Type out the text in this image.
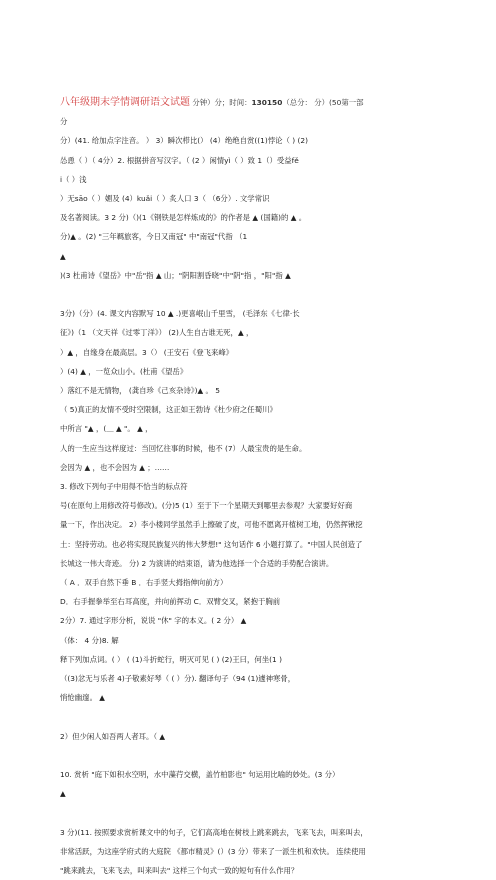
八年级期末学情调研语文试题 分钟）分；时间：130150（总分： 分）(50第一部
分
分）(41. 给加点字注音。 ） 3）瞬次栉比(） (4）绝绝自赏((1)悖论（ ) (2)
怂恿（ ）（ 4分）2. 根据拼音写汉字。（ (2 ）闲情yì（ ）致 1（）受益fě
i（ ）浅
）无sāo（ ）媚及 (4）kuǎi（ ）炙人口 3（ （6分）. 文学常识
及名著阅读。3 2 分)（)(1《钢铁是怎样炼成的》的作者是 ▲ (国籍)的 ▲ 。
分)▲ 。(2) "三年羁旅客，今日又南冠" 中"南冠"代指 （1
▲
)(3 杜甫诗《望岳》中"岳"指 ▲ 山；"阴阳割昏晓"中"阴"指 ，"阳"指 ▲

3分)（分）(4. 课文内容默写 10 ▲ .)更喜岷山千里雪， (毛泽东《七律·长
征》)（1 （文天祥《过零丁洋》） (2)人生自古谁无死，▲ ，
）▲ ，自缘身在最高层。3（） (王安石《登飞来峰》
）(4) ▲ ，一览众山小。(杜甫《望岳》
）落红不是无情物， (龚自珍《己亥杂诗》)▲ 。 5
（ 5)真正的友情不受时空限制，这正如王勃诗《杜少府之任蜀川》
中所言 "▲ ，(＿ ▲ "。 ▲ ，
人的一生应当这样度过：当回忆往事的时候，他不 (7）人最宝贵的是生命。
会因为 ▲ ，也不会因为 ▲ ；……
3. 修改下列句子中用得不恰当的标点符
号(在原句上用修改符号修改)。(分)5 (1）至于下一个星期天到哪里去参观？大家要好好商
量一下，作出决定。 2）李小楼同学虽然手上擦破了皮，可他不愿离开植树工地，仍然挥锹挖
土：坚持劳动。也必将实现民族复兴的伟大梦想!" 这句话作 6 小题打算了。"中国人民创造了
长城这一伟大奇迹。 分) 2 为演讲的结束语，请为他选择一个合适的手势配合演讲。
（ A ．双手自然下垂 B ．右手竖大拇指伸向前方）
D．右手握拳举至右耳高度，并向前挥动 C．双臂交叉，紧抱于胸前
2分）7. 通过字形分析，说说 "休" 字的本义。( 2 分） ▲
（体： 4 分)8. 解
释下列加点词。( ） ( (1)斗折蛇行，明灭可见 ( ) (2)王曰，何坐(1 )
（(3)忿无与乐者 4)子敬素好琴（ ( ）分). 翻译句子（94 (1)遽神寒骨，
悄怆幽邃。 ▲

2）但少闲人如吾两人者耳。（ ▲

10. 赏析 "庭下如积水空明，水中藻荇交横，盖竹柏影也" 句运用比喻的妙处。(3 分）
▲

3 分)(11. 按照要求赏析课文中的句子，它们高高地在树枝上跳来跳去，飞来飞去，叫来叫去，
非常活跃，为这座学府式的大庭院 《都市精灵》(）(3 分）带来了一派生机和欢快。 连续使用
"跳来跳去，飞来飞去，叫来叫去" 这样三个句式一致的短句有什么作用？
